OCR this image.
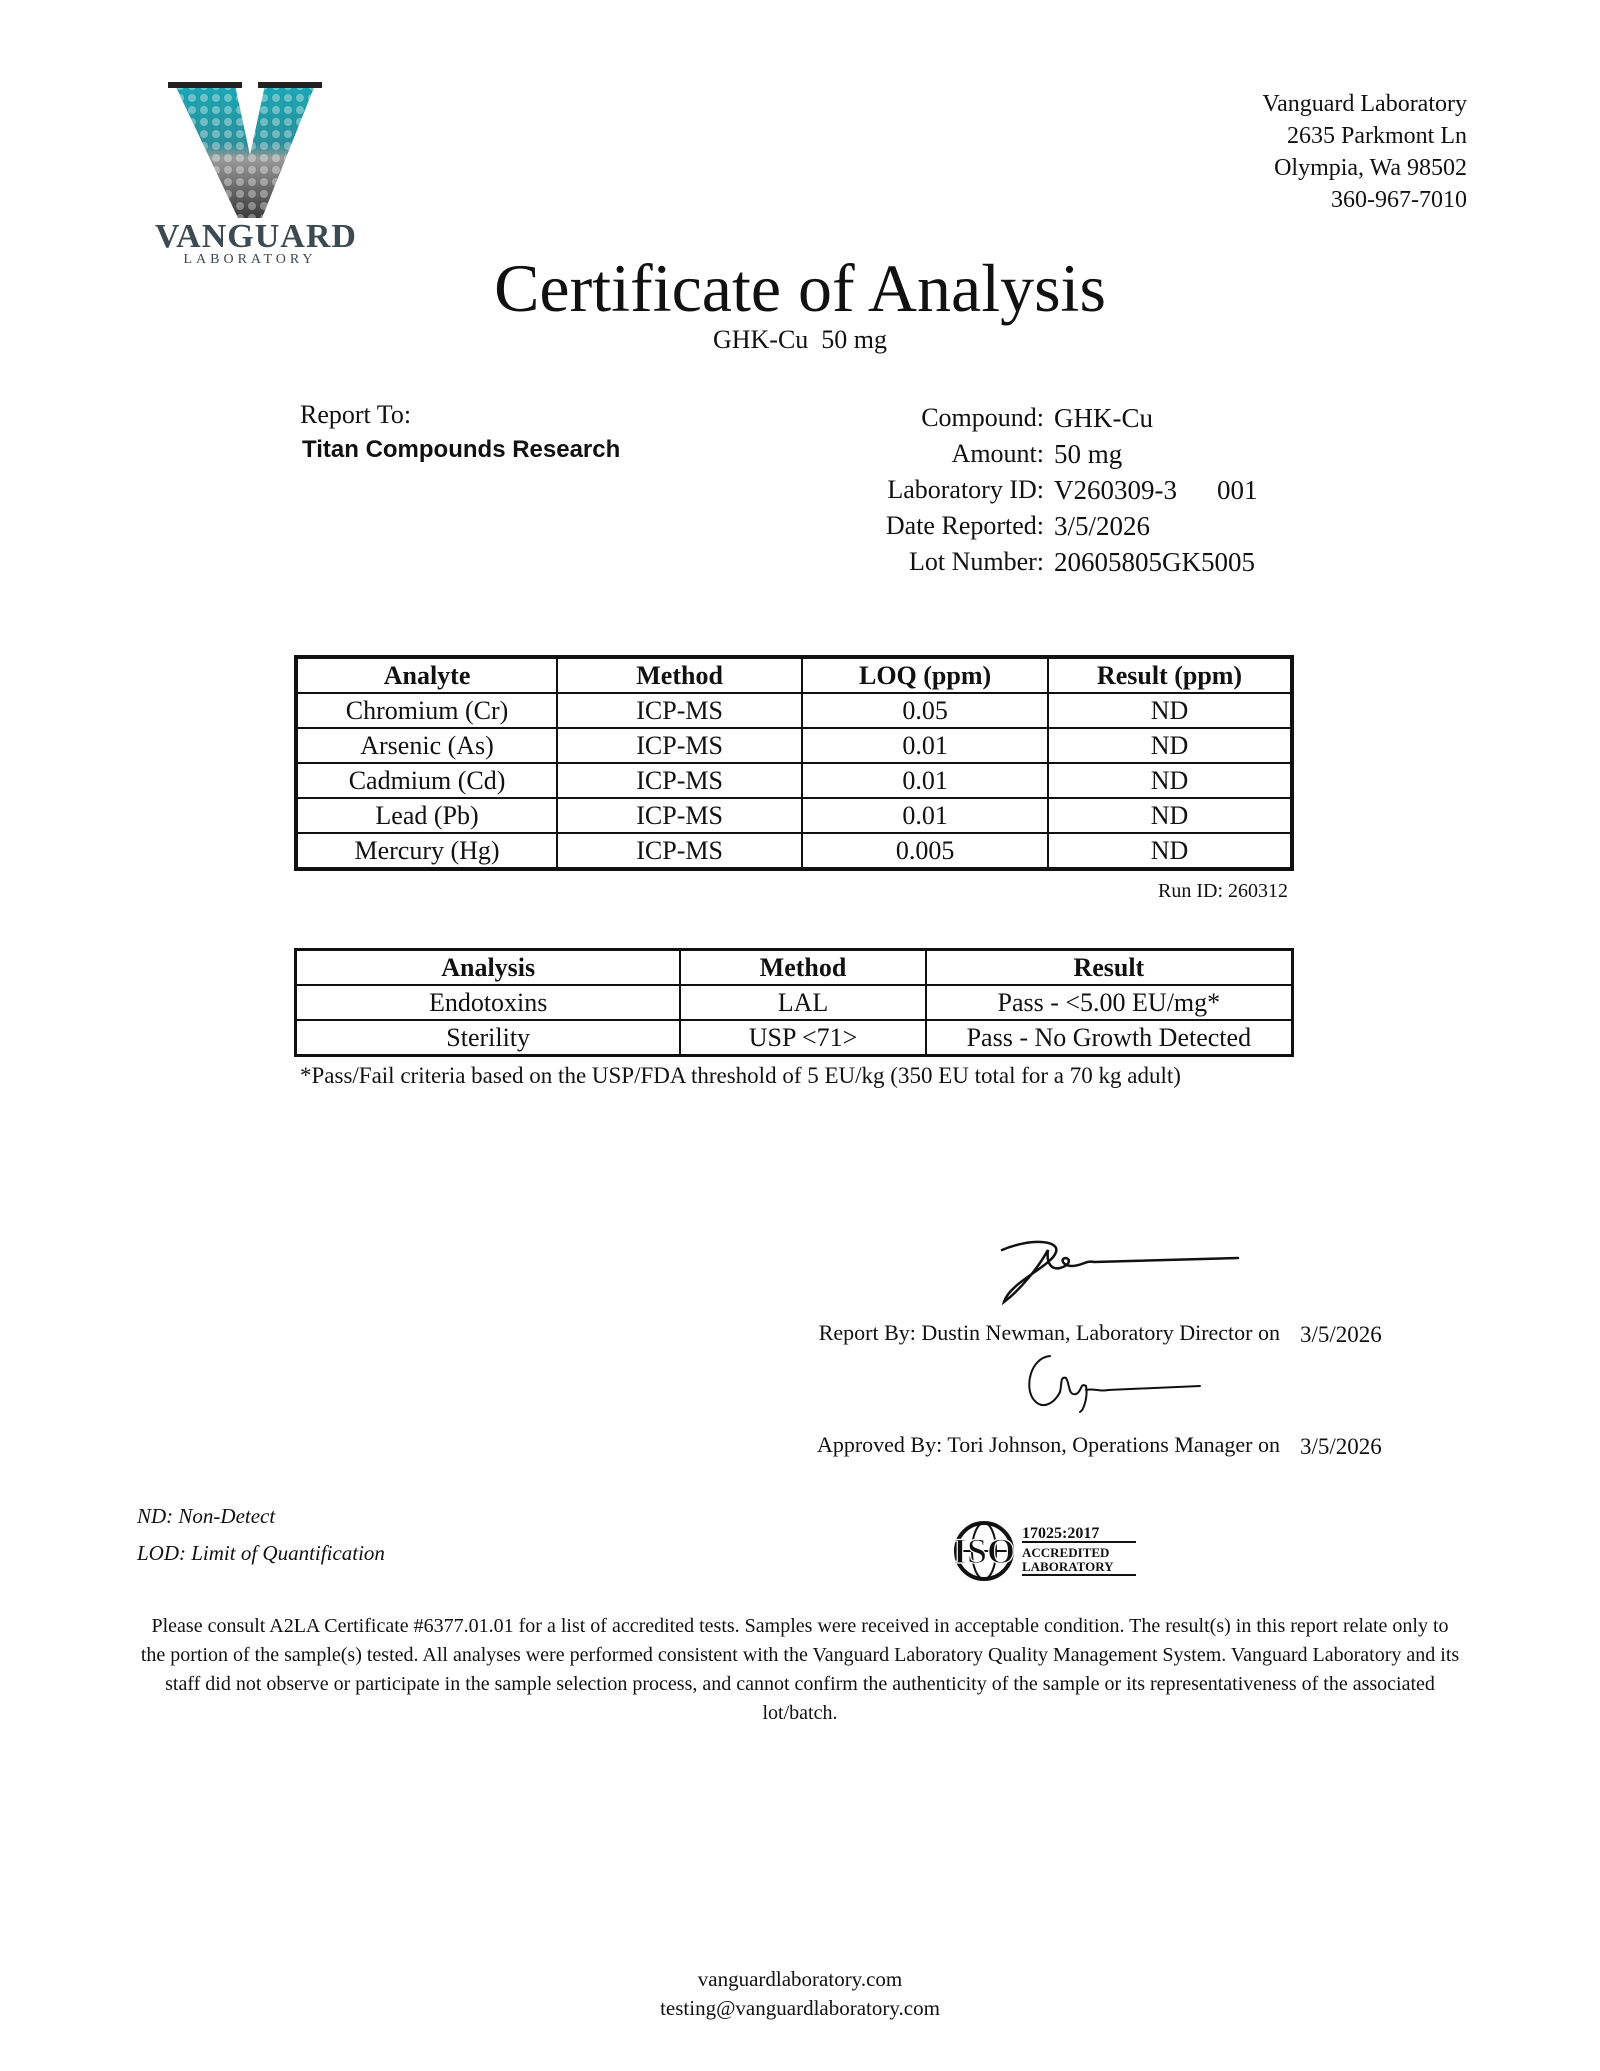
VANGUARD
LABORATORY
Vanguard Laboratory
2635 Parkmont Ln
Olympia, Wa 98502
360-967-7010
Certificate of Analysis
GHK-Cu  50 mg
Report To:
Titan Compounds Research
Compound: GHK-Cu
Amount: 50 mg
Laboratory ID: V260309-3 001
Date Reported: 3/5/2026
Lot Number: 20605805GK5005
Analyte	Method	LOQ (ppm)	Result (ppm)
Chromium (Cr)	ICP-MS	0.05	ND
Arsenic (As)	ICP-MS	0.01	ND
Cadmium (Cd)	ICP-MS	0.01	ND
Lead (Pb)	ICP-MS	0.01	ND
Mercury (Hg)	ICP-MS	0.005	ND
Run ID: 260312
Analysis	Method	Result
Endotoxins	LAL	Pass - <5.00 EU/mg*
Sterility	USP <71>	Pass - No Growth Detected
*Pass/Fail criteria based on the USP/FDA threshold of 5 EU/kg (350 EU total for a 70 kg adult)
Report By: Dustin Newman, Laboratory Director on 3/5/2026
Approved By: Tori Johnson, Operations Manager on 3/5/2026
ND: Non-Detect
LOD: Limit of Quantification	ISO 17025:2017
ACCREDITED
LABORATORY
Please consult A2LA Certificate #6377.01.01 for a list of accredited tests. Samples were received in acceptable condition. The result(s) in this report relate only to the portion of the sample(s) tested. All analyses were performed consistent with the Vanguard Laboratory Quality Management System. Vanguard Laboratory and its staff did not observe or participate in the sample selection process, and cannot confirm the authenticity of the sample or its representativeness of the associated lot/batch.
vanguardlaboratory.com
testing@vanguardlaboratory.com
